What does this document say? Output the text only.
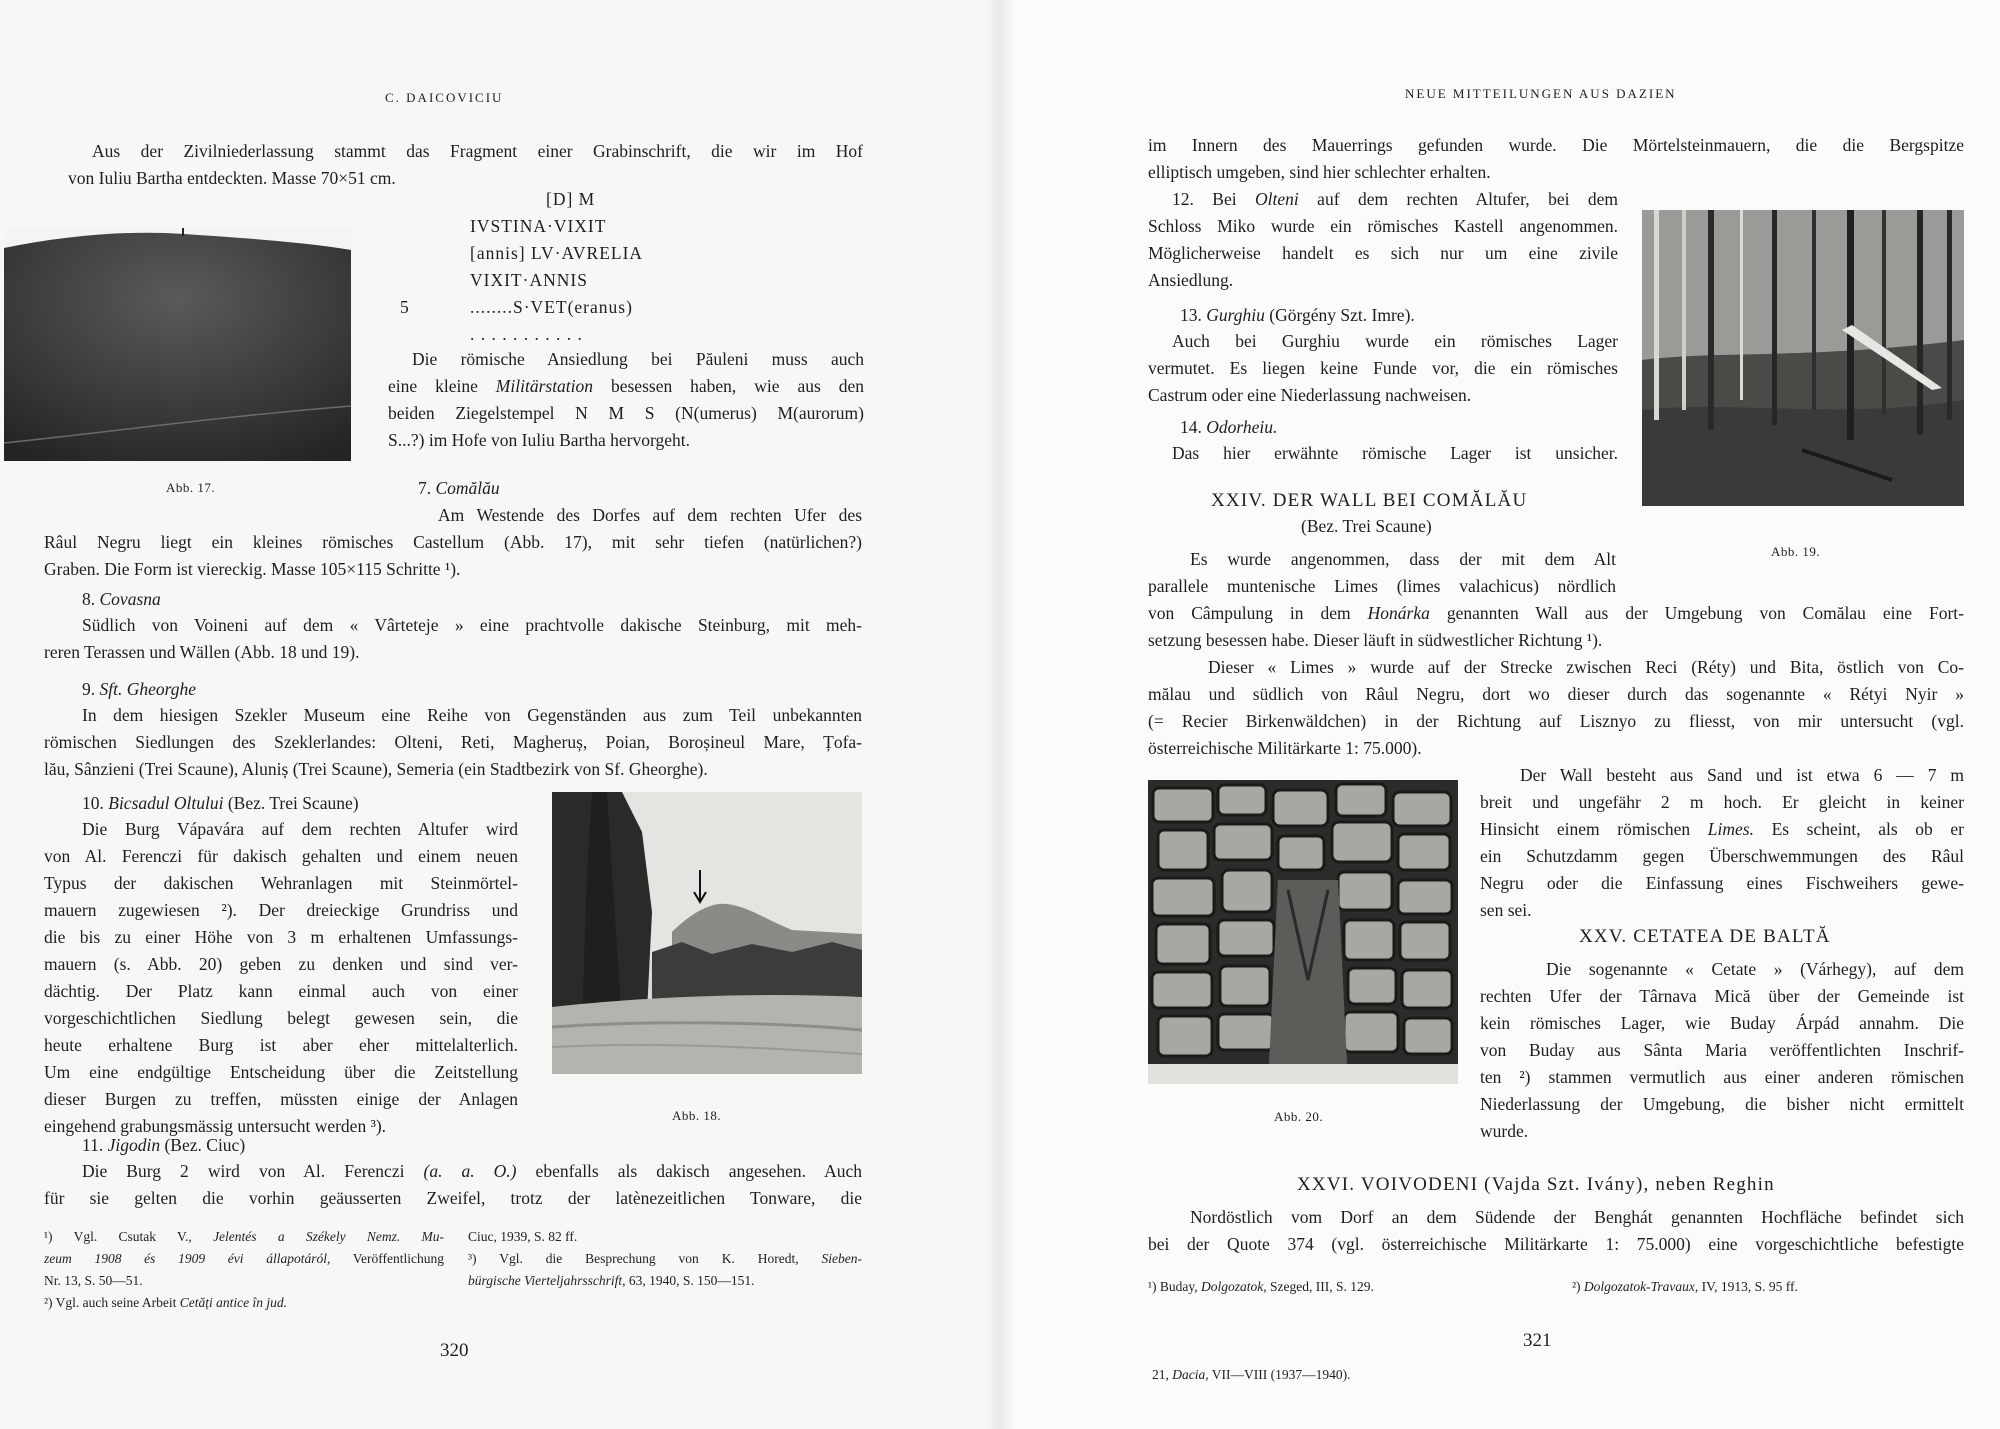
C. DAICOVICIU
Aus der Zivilniederlassung stammt das Fragment einer Grabinschrift, die wir im Hof
von Iuliu Bartha entdeckten. Masse 70×51 cm.
[D] M
IVSTINA·VIXIT
[annis] LV·AVRELIA
VIXIT·ANNIS
........S·VET(eranus)
. . . . . . . . . . .
5
Die römische Ansiedlung bei Păuleni muss auch
eine kleine Militärstation besessen haben, wie aus den
beiden Ziegelstempel N M S (N(umerus) M(aurorum)
S...?) im Hofe von Iuliu Bartha hervorgeht.
Abb. 17.	7. Comălău
Am Westende des Dorfes auf dem rechten Ufer des
Râul Negru liegt ein kleines römisches Castellum (Abb. 17), mit sehr tiefen (natürlichen?)
Graben. Die Form ist viereckig. Masse 105×115 Schritte ¹).
8. Covasna
Südlich von Voineni auf dem « Vârteteje » eine prachtvolle dakische Steinburg, mit meh-
reren Terassen und Wällen (Abb. 18 und 19).
9. Sft. Gheorghe
In dem hiesigen Szekler Museum eine Reihe von Gegenständen aus zum Teil unbekannten
römischen Siedlungen des Szeklerlandes: Olteni, Reti, Magheruș, Poian, Boroșineul Mare, Țofa-
lău, Sânzieni (Trei Scaune), Aluniș (Trei Scaune), Semeria (ein Stadtbezirk von Sf. Gheorghe).
10. Bicsadul Oltului (Bez. Trei Scaune)
Die Burg Vápavára auf dem rechten Altufer wird
von Al. Ferenczi für dakisch gehalten und einem neuen
Typus der dakischen Wehranlagen mit Steinmörtel-
mauern zugewiesen ²). Der dreieckige Grundriss und
die bis zu einer Höhe von 3 m erhaltenen Umfassungs-
mauern (s. Abb. 20) geben zu denken und sind ver-
dächtig. Der Platz kann einmal auch von einer
vorgeschichtlichen Siedlung belegt gewesen sein, die
heute erhaltene Burg ist aber eher mittelalterlich.
Um eine endgültige Entscheidung über die Zeitstellung
dieser Burgen zu treffen, müssten einige der Anlagen
eingehend grabungsmässig untersucht werden ³).
Abb. 18.
11. Jigodin (Bez. Ciuc)
Die Burg 2 wird von Al. Ferenczi (a. a. O.) ebenfalls als dakisch angesehen. Auch
für sie gelten die vorhin geäusserten Zweifel, trotz der latènezeitlichen Tonware, die
¹) Vgl. Csutak V., Jelentés a Székely Nemz. Mu-
zeum 1908 és 1909 évi állapotáról, Veröffentlichung
Nr. 13, S. 50—51.
²) Vgl. auch seine Arbeit Cetăți antice în jud.
Ciuc, 1939, S. 82 ff.
³) Vgl. die Besprechung von K. Horedt, Sieben-
bürgische Vierteljahrsschrift, 63, 1940, S. 150—151.
320
NEUE MITTEILUNGEN AUS DAZIEN
im Innern des Mauerrings gefunden wurde. Die Mörtelsteinmauern, die die Bergspitze
elliptisch umgeben, sind hier schlechter erhalten.
12. Bei Olteni auf dem rechten Altufer, bei dem
Schloss Miko wurde ein römisches Kastell angenommen.
Möglicherweise handelt es sich nur um eine zivile
Ansiedlung.
13. Gurghiu (Görgény Szt. Imre).
Auch bei Gurghiu wurde ein römisches Lager
vermutet. Es liegen keine Funde vor, die ein römisches
Castrum oder eine Niederlassung nachweisen.
14. Odorheiu.
Das hier erwähnte römische Lager ist unsicher.
XXIV. DER WALL BEI COMĂLĂU
(Bez. Trei Scaune)
Abb. 19.
Es wurde angenommen, dass der mit dem Alt
parallele muntenische Limes (limes valachicus) nördlich
von Câmpulung in dem Honárka genannten Wall aus der Umgebung von Comălau eine Fort-
setzung besessen habe. Dieser läuft in südwestlicher Richtung ¹).
Dieser « Limes » wurde auf der Strecke zwischen Reci (Réty) und Bita, östlich von Co-
mălau und südlich von Râul Negru, dort wo dieser durch das sogenannte « Rétyi Nyir »
(= Recier Birkenwäldchen) in der Richtung auf Lisznyo zu fliesst, von mir untersucht (vgl.
österreichische Militärkarte 1: 75.000).
Abb. 20.
Der Wall besteht aus Sand und ist etwa 6 — 7 m
breit und ungefähr 2 m hoch. Er gleicht in keiner
Hinsicht einem römischen Limes. Es scheint, als ob er
ein Schutzdamm gegen Überschwemmungen des Râul
Negru oder die Einfassung eines Fischweihers gewe-
sen sei.
XXV. CETATEA DE BALTĂ
Die sogenannte « Cetate » (Várhegy), auf dem
rechten Ufer der Târnava Mică über der Gemeinde ist
kein römisches Lager, wie Buday Árpád annahm. Die
von Buday aus Sânta Maria veröffentlichten Inschrif-
ten ²) stammen vermutlich aus einer anderen römischen
Niederlassung der Umgebung, die bisher nicht ermittelt
wurde.
XXVI. VOIVODENI (Vajda Szt. Ivány), neben Reghin
Nordöstlich vom Dorf an dem Südende der Benghát genannten Hochfläche befindet sich
bei der Quote 374 (vgl. österreichische Militärkarte 1: 75.000) eine vorgeschichtliche befestigte
¹) Buday, Dolgozatok, Szeged, III, S. 129.	²) Dolgozatok-Travaux, IV, 1913, S. 95 ff.
321
21, Dacia, VII—VIII (1937—1940).
